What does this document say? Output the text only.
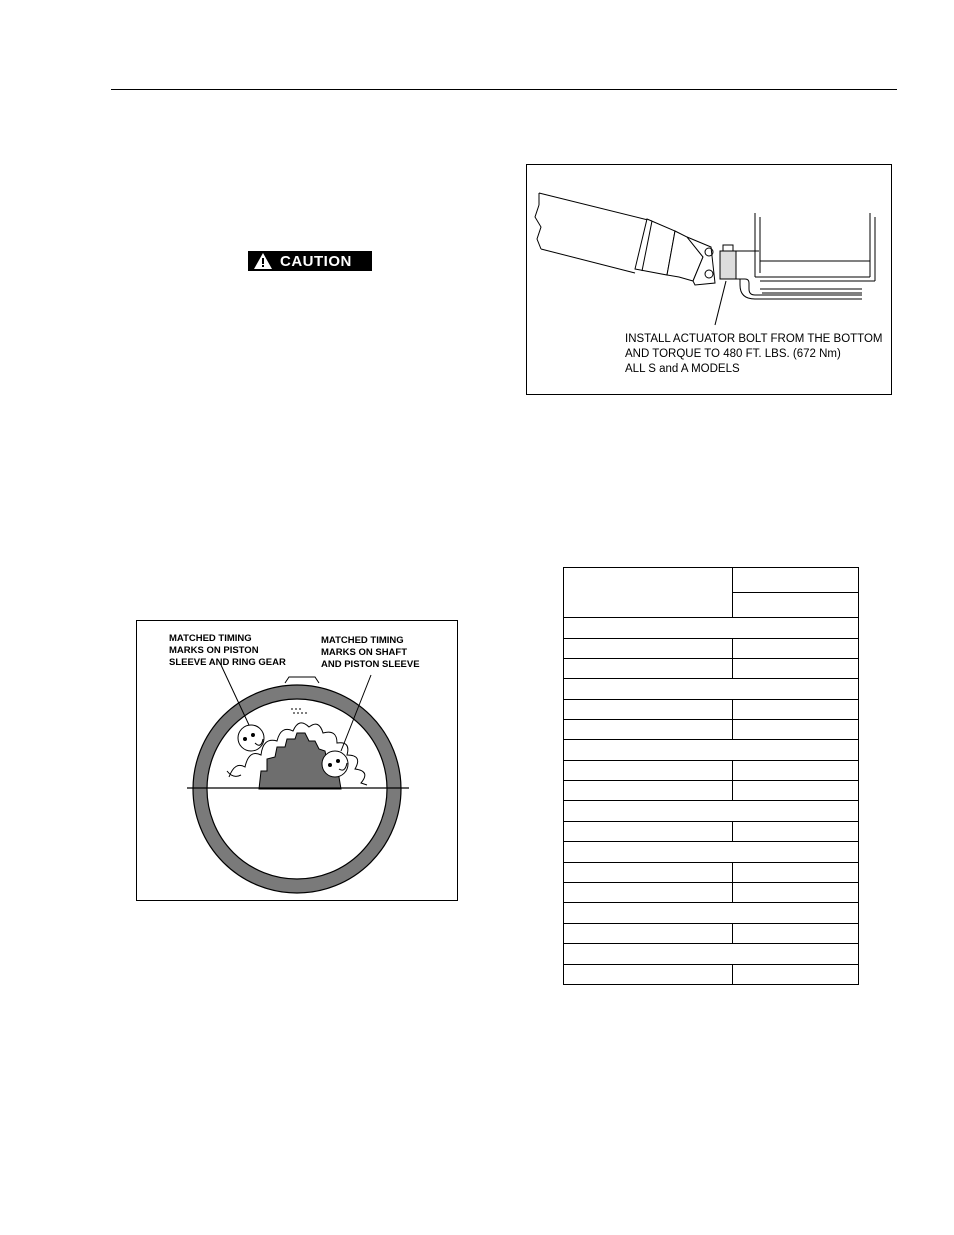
CAUTION
INSTALL ACTUATOR BOLT FROM THE BOTTOM
AND TORQUE TO 480 FT. LBS. (672 Nm)
ALL S and A MODELS
MATCHED TIMING
MARKS ON PISTON
SLEEVE AND RING GEAR
MATCHED TIMING
MARKS ON SHAFT
AND PISTON SLEEVE
